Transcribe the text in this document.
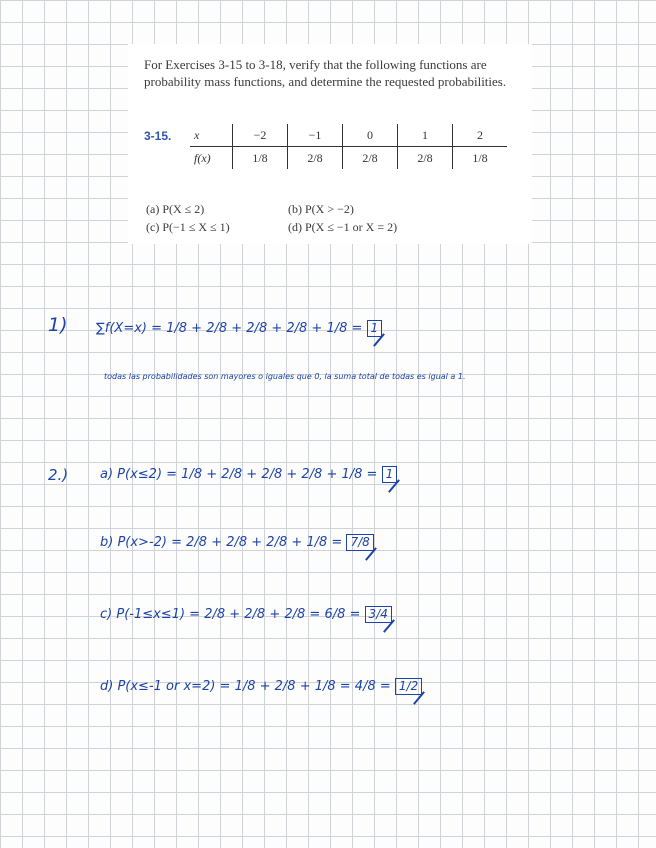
For Exercises 3-15 to 3-18, verify that the following functions are probability mass functions, and determine the requested probabilities.
3-15. x	−2	−1	0	1	2
f(x)	1/8	2/8	2/8	2/8	1/8
(a) P(X ≤ 2)	(b) P(X > −2)
(c) P(−1 ≤ X ≤ 1)	(d) P(X ≤ −1 or X = 2)
1) ∑f(X=x) = 1/8 + 2/8 + 2/8 + 2/8 + 1/8 = 1
todas las probabilidades son mayores o iguales que 0, la suma total de todas es igual a 1.
2.) a) P(x≤2) = 1/8 + 2/8 + 2/8 + 2/8 + 1/8 = 1
b) P(x>-2) = 2/8 + 2/8 + 2/8 + 1/8 = 7/8
c) P(-1≤x≤1) = 2/8 + 2/8 + 2/8 = 6/8 = 3/4
d) P(x≤-1 or x=2) = 1/8 + 2/8 + 1/8 = 4/8 = 1/2
